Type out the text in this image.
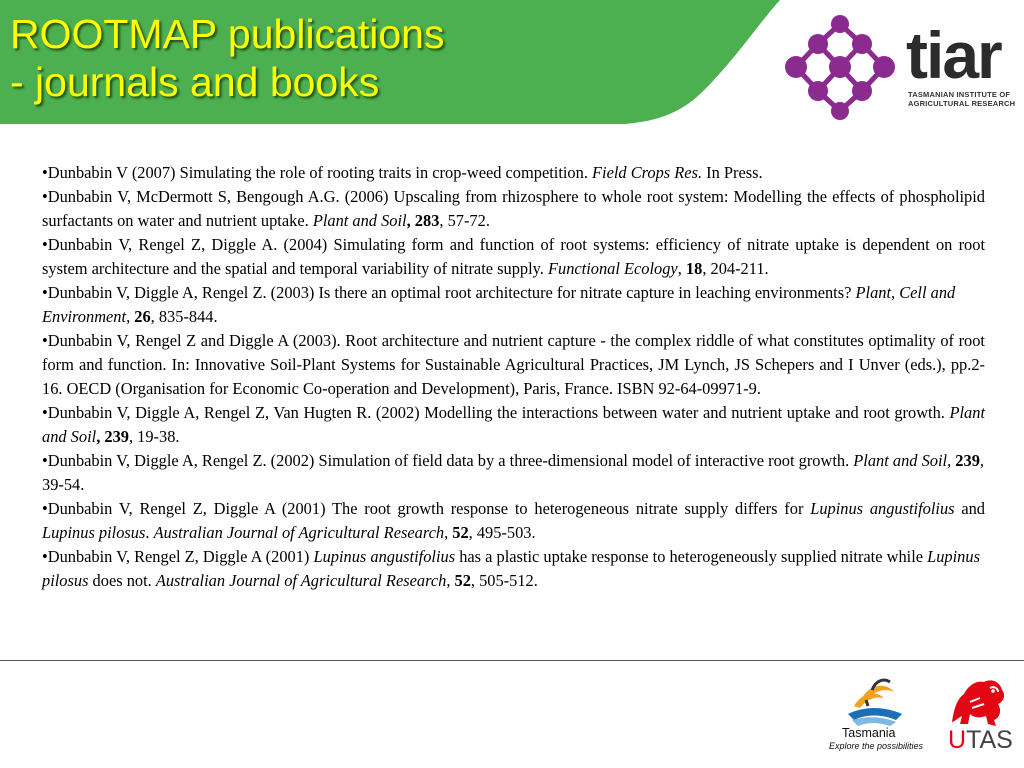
ROOTMAP publications
- journals and books	tiar
TASMANIAN INSTITUTE OF
AGRICULTURAL RESEARCH

•Dunbabin V (2007) Simulating the role of rooting traits in crop-weed competition. Field Crops Res. In Press.

•Dunbabin V, McDermott S, Bengough A.G. (2006) Upscaling from rhizosphere to whole root system: Modelling the effects of phospholipid surfactants on water and nutrient uptake. Plant and Soil, 283, 57-72.

•Dunbabin V, Rengel Z, Diggle A. (2004) Simulating form and function of root systems: efficiency of nitrate uptake is dependent on root system architecture and the spatial and temporal variability of nitrate supply. Functional Ecology, 18, 204-211.

•Dunbabin V, Diggle A, Rengel Z. (2003) Is there an optimal root architecture for nitrate capture in leaching environments? Plant, Cell and Environment, 26, 835-844.

•Dunbabin V, Rengel Z and Diggle A (2003). Root architecture and nutrient capture - the complex riddle of what constitutes optimality of root form and function. In: Innovative Soil-Plant Systems for Sustainable Agricultural Practices, JM Lynch, JS Schepers and I Unver (eds.), pp.2-16. OECD (Organisation for Economic Co-operation and Development), Paris, France. ISBN 92-64-09971-9.

•Dunbabin V, Diggle A, Rengel Z, Van Hugten R. (2002) Modelling the interactions between water and nutrient uptake and root growth. Plant and Soil, 239, 19-38.

•Dunbabin V, Diggle A, Rengel Z. (2002) Simulation of field data by a three-dimensional model of interactive root growth. Plant and Soil, 239, 39-54.

•Dunbabin V, Rengel Z, Diggle A (2001) The root growth response to heterogeneous nitrate supply differs for Lupinus angustifolius and Lupinus pilosus. Australian Journal of Agricultural Research, 52, 495-503.

•Dunbabin V, Rengel Z, Diggle A (2001) Lupinus angustifolius has a plastic uptake response to heterogeneously supplied nitrate while Lupinus pilosus does not. Australian Journal of Agricultural Research, 52, 505-512.

Tasmania
Explore the possibilities UTAS
